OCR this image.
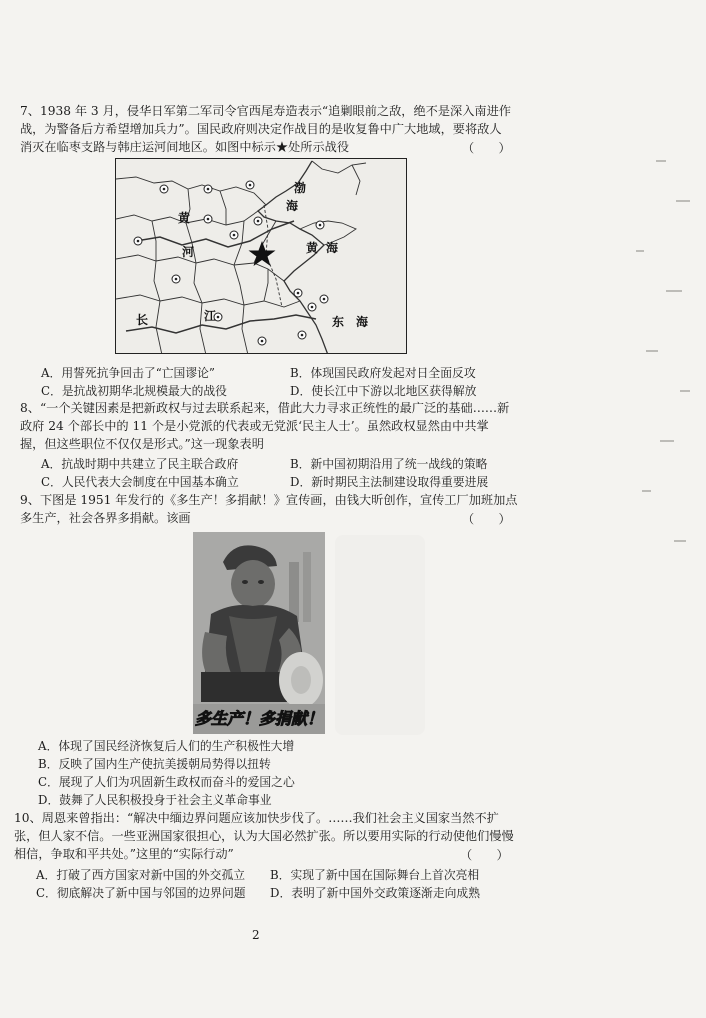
7、1938 年 3 月，侵华日军第二军司令官西尾寿造表示“追剿眼前之敌，绝不是深入南进作
战，为警备后方希望增加兵力”。国民政府则决定作战目的是收复鲁中广大地域，要将敌人
消灭在临枣支路与韩庄运河间地区。如图中标示★处所示战役	（　　）
渤
海
黄
河	黄海
长	江	东　海
A．用誓死抗争回击了“亡国谬论”	B．体现国民政府发起对日全面反攻
C．是抗战初期华北规模最大的战役	D．使长江中下游以北地区获得解放
8、“一个关键因素是把新政权与过去联系起来，借此大力寻求正统性的最广泛的基础……新
政府 24 个部长中的 11 个是小党派的代表或无党派‘民主人士’。虽然政权显然由中共掌
握，但这些职位不仅仅是形式。”这一现象表明
A．抗战时期中共建立了民主联合政府	B．新中国初期沿用了统一战线的策略
C．人民代表大会制度在中国基本确立	D．新时期民主法制建设取得重要进展
9、下图是 1951 年发行的《多生产！多捐献！》宣传画，由钱大昕创作，宣传工厂加班加点
多生产，社会各界多捐献。该画	（　　）
多生产！多捐献！
A．体现了国民经济恢复后人们的生产积极性大增
B．反映了国内生产使抗美援朝局势得以扭转
C．展现了人们为巩固新生政权而奋斗的爱国之心
D．鼓舞了人民积极投身于社会主义革命事业
10、周恩来曾指出：“解决中缅边界问题应该加快步伐了。……我们社会主义国家当然不扩
张，但人家不信。一些亚洲国家很担心，认为大国必然扩张。所以要用实际的行动使他们慢慢
相信，争取和平共处。”这里的“实际行动”	（　　）
A．打破了西方国家对新中国的外交孤立 B．实现了新中国在国际舞台上首次亮相
C．彻底解决了新中国与邻国的边界问题 D．表明了新中国外交政策逐渐走向成熟
2
